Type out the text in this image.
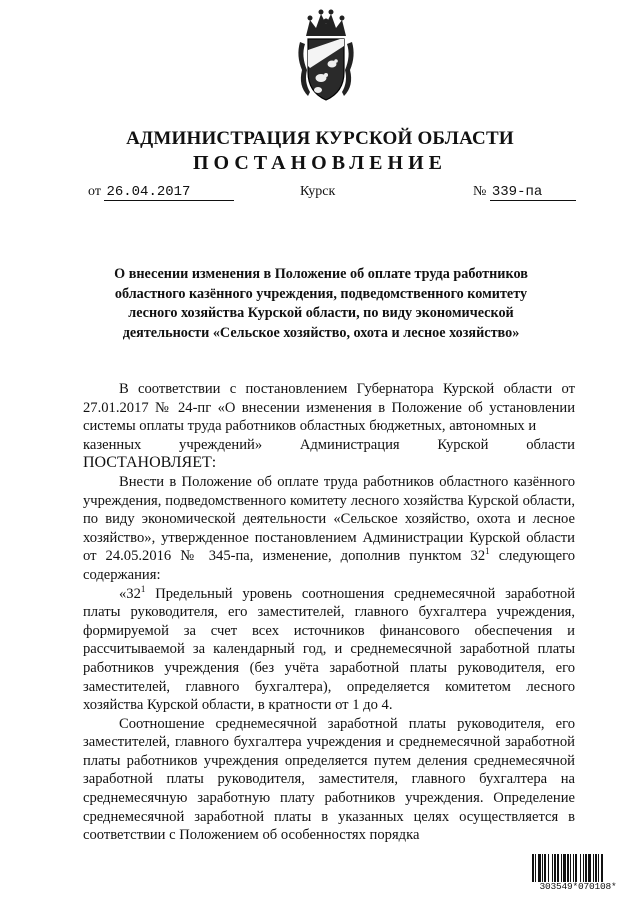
АДМИНИСТРАЦИЯ КУРСКОЙ ОБЛАСТИ
ПОСТАНОВЛЕНИЕ
от 26.04.2017	Курск	№ 339-па
О внесении изменения в Положение об оплате труда работников
областного казённого учреждения, подведомственного комитету
лесного хозяйства Курской области, по виду экономической
деятельности «Сельское хозяйство, охота и лесное хозяйство»

В соответствии с постановлением Губернатора Курской области от 27.01.2017 № 24-пг «О внесении изменения в Положение об установлении системы оплаты труда работников областных бюджетных, автономных и

казенных	учреждений»	Администрация	Курской	области

ПОСТАНОВЛЯЕТ:

Внести в Положение об оплате труда работников областного казённого учреждения, подведомственного комитету лесного хозяйства Курской области, по виду экономической деятельности «Сельское хозяйство, охота и лесное хозяйство», утвержденное постановлением Администрации Курской области от 24.05.2016 № 345-па, изменение, дополнив пунктом $32^1$ следующего содержания:

«$32^1$ Предельный уровень соотношения среднемесячной заработной платы руководителя, его заместителей, главного бухгалтера учреждения, формируемой за счет всех источников финансового обеспечения и рассчитываемой за календарный год, и среднемесячной заработной платы работников учреждения (без учёта заработной платы руководителя, его заместителей, главного бухгалтера), определяется комитетом лесного хозяйства Курской области, в кратности от 1 до 4.

Соотношение среднемесячной заработной платы руководителя, его заместителей, главного бухгалтера учреждения и среднемесячной заработной платы работников учреждения определяется путем деления среднемесячной заработной платы руководителя, заместителя, главного бухгалтера на среднемесячную заработную плату работников учреждения. Определение среднемесячной заработной платы в указанных целях осуществляется в соответствии с Положением об особенностях порядка

303549*070108*
